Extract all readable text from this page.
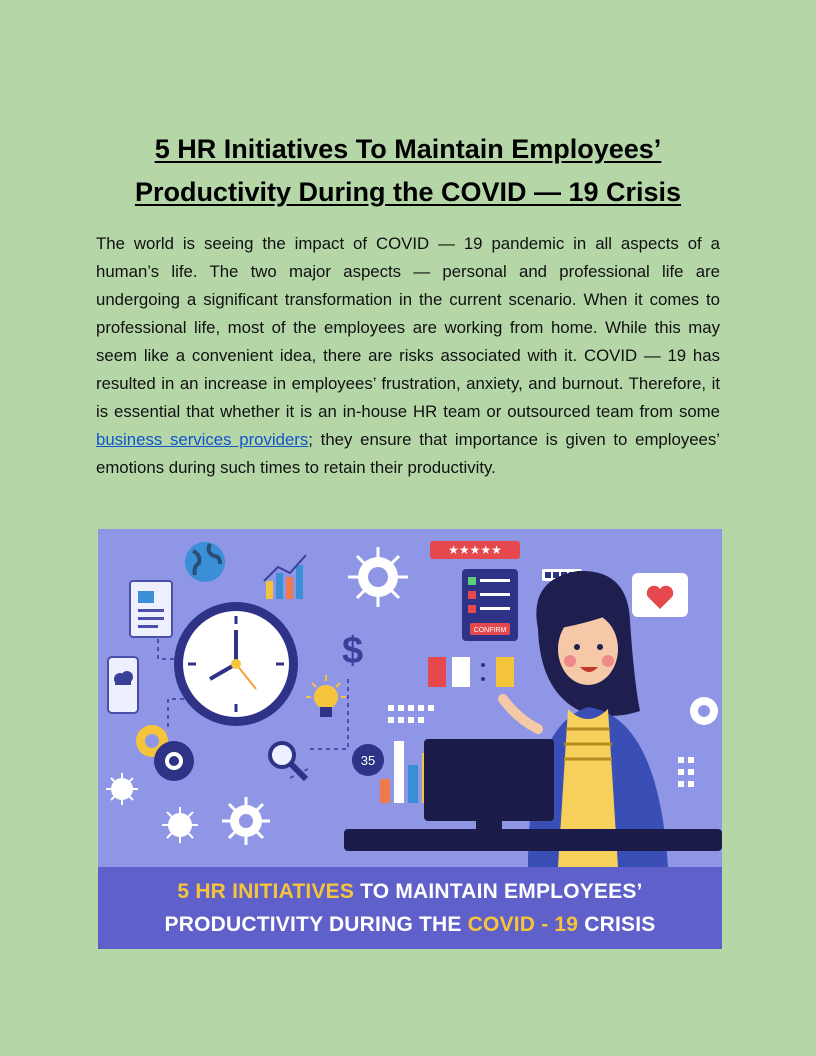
5 HR Initiatives To Maintain Employees’
Productivity During the COVID — 19 Crisis

The world is seeing the impact of COVID — 19 pandemic in all aspects of a human’s life. The two major aspects — personal and professional life are undergoing a significant transformation in the current scenario. When it comes to professional life, most of the employees are working from home. While this may seem like a convenient idea, there are risks associated with it. COVID — 19 has resulted in an increase in employees’ frustration, anxiety, and burnout. Therefore, it is essential that whether it is an in-house HR team or outsourced team from some business services providers; they ensure that importance is given to employees’ emotions during such times to retain their productivity.

$
35
★★★★★
CONFIRM
5 HR INITIATIVES TO MAINTAIN EMPLOYEES’
PRODUCTIVITY DURING THE COVID - 19 CRISIS
